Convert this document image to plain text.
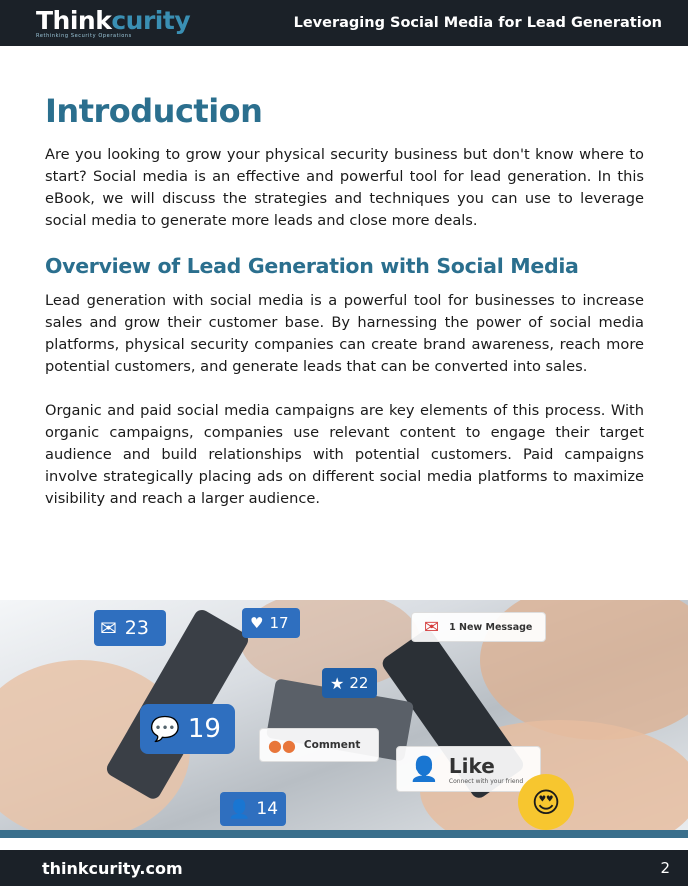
Thinkcurity
Rethinking Security Operations
Leveraging Social Media for Lead Generation
Introduction

Are you looking to grow your physical security business but don't know where to start? Social media is an effective and powerful tool for lead generation. In this eBook, we will discuss the strategies and techniques you can use to leverage social media to generate more leads and close more deals.

Overview of Lead Generation with Social Media

Lead generation with social media is a powerful tool for businesses to increase sales and grow their customer base. By harnessing the power of social media platforms, physical security companies can create brand awareness, reach more potential customers, and generate leads that can be converted into sales.

Organic and paid social media campaigns are key elements of this process. With organic campaigns, companies use relevant content to engage their target audience and build relationships with potential customers. Paid campaigns involve strategically placing ads on different social media platforms to maximize visibility and reach a larger audience.

✉ 23	♥ 17	✉ 1 New Message
★ 22
💬 19
●● Comment
👤 Like
Connect with your friend
👤 14	😍
thinkcurity.com	2
